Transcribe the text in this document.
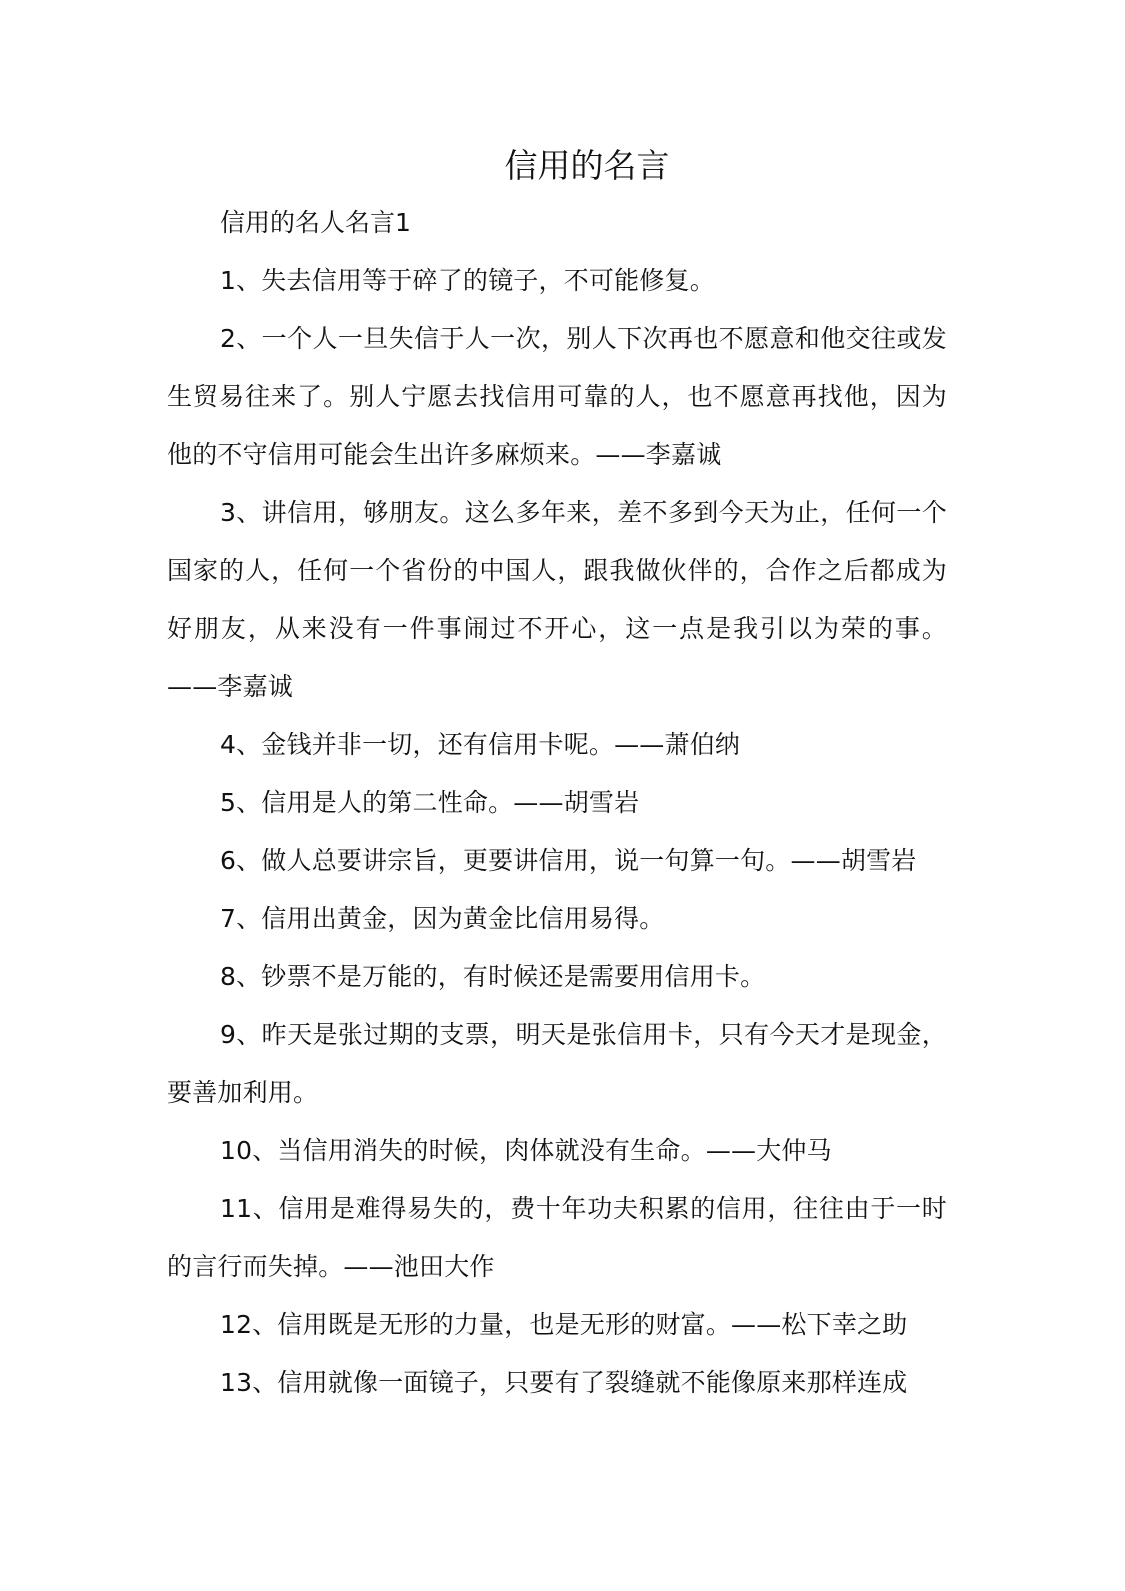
信用的名言

信用的名人名言1

1、失去信用等于碎了的镜子，不可能修复。

2、一个人一旦失信于人一次，别人下次再也不愿意和他交往或发生贸易往来了。别人宁愿去找信用可靠的人，也不愿意再找他，因为他的不守信用可能会生出许多麻烦来。——李嘉诚

3、讲信用，够朋友。这么多年来，差不多到今天为止，任何一个国家的人，任何一个省份的中国人，跟我做伙伴的，合作之后都成为好朋友，从来没有一件事闹过不开心，这一点是我引以为荣的事。——李嘉诚

4、金钱并非一切，还有信用卡呢。——萧伯纳

5、信用是人的第二性命。——胡雪岩

6、做人总要讲宗旨，更要讲信用，说一句算一句。——胡雪岩

7、信用出黄金，因为黄金比信用易得。

8、钞票不是万能的，有时候还是需要用信用卡。

9、昨天是张过期的支票，明天是张信用卡，只有今天才是现金，要善加利用。

10、当信用消失的时候，肉体就没有生命。——大仲马

11、信用是难得易失的，费十年功夫积累的信用，往往由于一时的言行而失掉。——池田大作

12、信用既是无形的力量，也是无形的财富。——松下幸之助

13、信用就像一面镜子，只要有了裂缝就不能像原来那样连成
